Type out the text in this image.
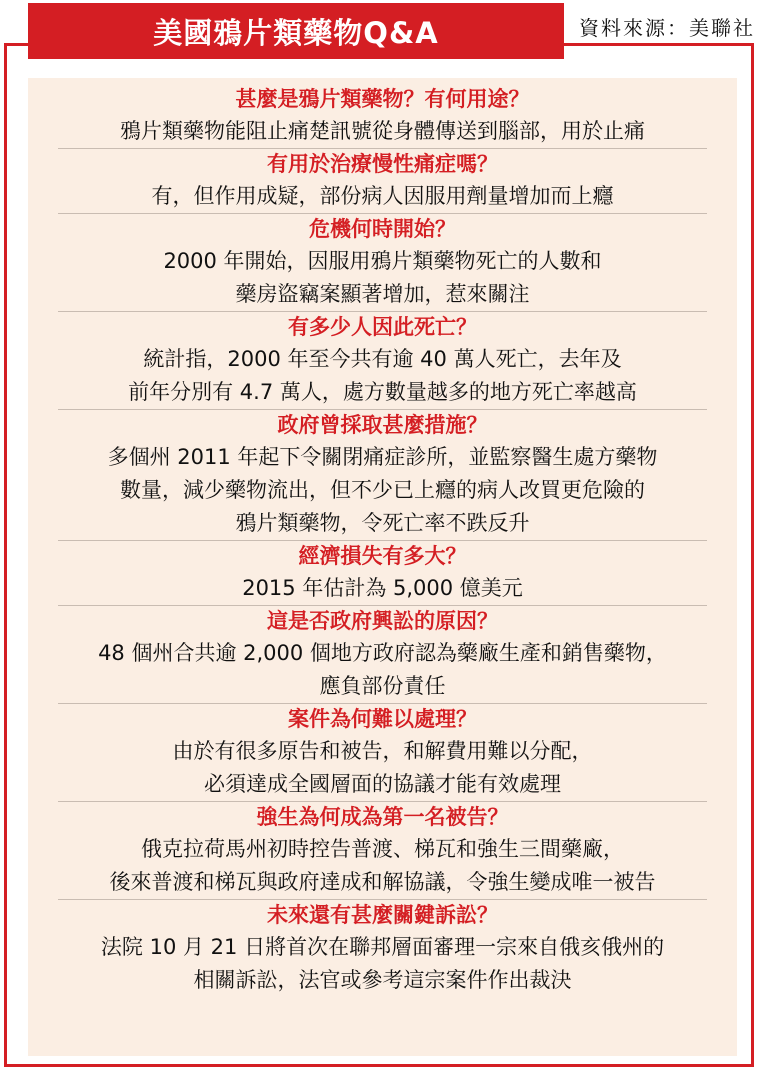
美國鴉片類藥物Q&A	資料來源：美聯社
甚麼是鴉片類藥物？有何用途？
鴉片類藥物能阻止痛楚訊號從身體傳送到腦部，用於止痛
有用於治療慢性痛症嗎？
有，但作用成疑，部份病人因服用劑量增加而上癮
危機何時開始？
2000 年開始，因服用鴉片類藥物死亡的人數和
藥房盜竊案顯著增加，惹來關注
有多少人因此死亡？
統計指，2000 年至今共有逾 40 萬人死亡，去年及
前年分別有 4.7 萬人，處方數量越多的地方死亡率越高
政府曾採取甚麼措施？
多個州 2011 年起下令關閉痛症診所，並監察醫生處方藥物
數量，減少藥物流出，但不少已上癮的病人改買更危險的
鴉片類藥物，令死亡率不跌反升
經濟損失有多大？
2015 年估計為 5,000 億美元
這是否政府興訟的原因？
48 個州合共逾 2,000 個地方政府認為藥廠生產和銷售藥物，
應負部份責任
案件為何難以處理？
由於有很多原告和被告，和解費用難以分配，
必須達成全國層面的協議才能有效處理
強生為何成為第一名被告？
俄克拉荷馬州初時控告普渡、梯瓦和強生三間藥廠，
後來普渡和梯瓦與政府達成和解協議，令強生變成唯一被告
未來還有甚麼關鍵訴訟？
法院 10 月 21 日將首次在聯邦層面審理一宗來自俄亥俄州的
相關訴訟，法官或參考這宗案件作出裁決
